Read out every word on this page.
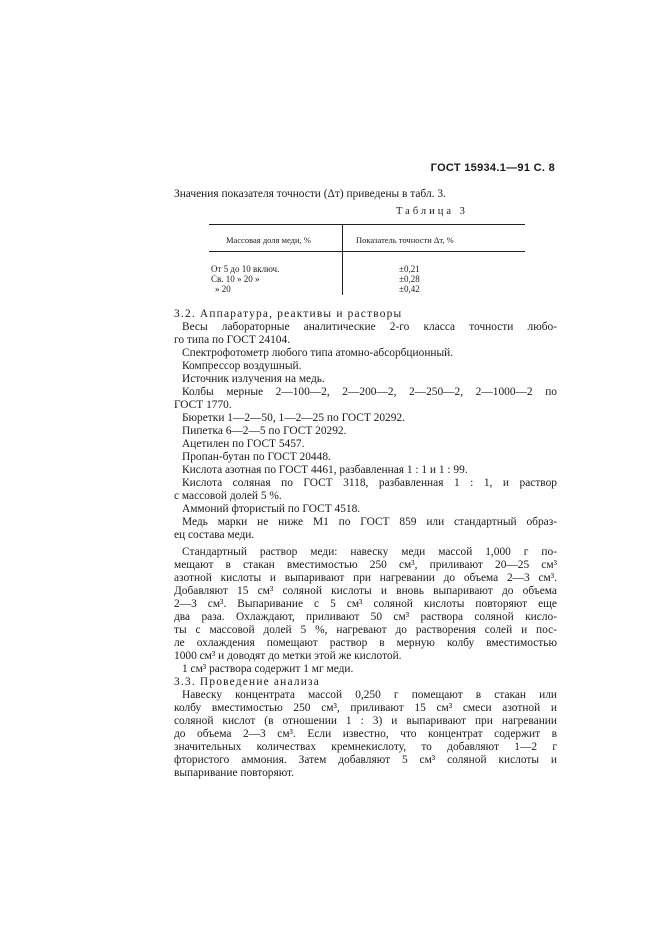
ГОСТ 15934.1—91 С. 8
Значения показателя точности (Δт) приведены в табл. 3.
Таблица 3
Массовая доля меди, %	Показатель точности Δт, %
От 5 до 10 включ.	±0,21
Св. 10 » 20 »	±0,28
» 20	±0,42
3.2. Аппаратура, реактивы и растворы
Весы лабораторные аналитические 2-го класса точности любо-
го типа по ГОСТ 24104.
Спектрофотометр любого типа атомно-абсорбционный.
Компрессор воздушный.
Источник излучения на медь.
Колбы мерные 2—100—2, 2—200—2, 2—250—2, 2—1000—2 по
ГОСТ 1770.
Бюретки 1—2—50, 1—2—25 по ГОСТ 20292.
Пипетка 6—2—5 по ГОСТ 20292.
Ацетилен по ГОСТ 5457.
Пропан-бутан по ГОСТ 20448.
Кислота азотная по ГОСТ 4461, разбавленная 1 : 1 и 1 : 99.
Кислота соляная по ГОСТ 3118, разбавленная 1 : 1, и раствор
с массовой долей 5 %.
Аммоний фтористый по ГОСТ 4518.
Медь марки не ниже М1 по ГОСТ 859 или стандартный образ-
ец состава меди.
Стандартный раствор меди: навеску меди массой 1,000 г по-
мещают в стакан вместимостью 250 см³, приливают 20—25 см³
азотной кислоты и выпаривают при нагревании до объема 2—3 см³.
Добавляют 15 см³ соляной кислоты и вновь выпаривают до объема
2—3 см³. Выпаривание с 5 см³ соляной кислоты повторяют еще
два раза. Охлаждают, приливают 50 см³ раствора соляной кисло-
ты с массовой долей 5 %, нагревают до растворения солей и пос-
ле охлаждения помещают раствор в мерную колбу вместимостью
1000 см³ и доводят до метки этой же кислотой.
1 см³ раствора содержит 1 мг меди.
3.3. Проведение анализа
Навеску концентрата массой 0,250 г помещают в стакан или
колбу вместимостью 250 см³, приливают 15 см³ смеси азотной и
соляной кислот (в отношении 1 : 3) и выпаривают при нагревании
до объема 2—3 см³. Если известно, что концентрат содержит в
значительных количествах кремнекислоту, то добавляют 1—2 г
фтористого аммония. Затем добавляют 5 см³ соляной кислоты и
выпаривание повторяют.
